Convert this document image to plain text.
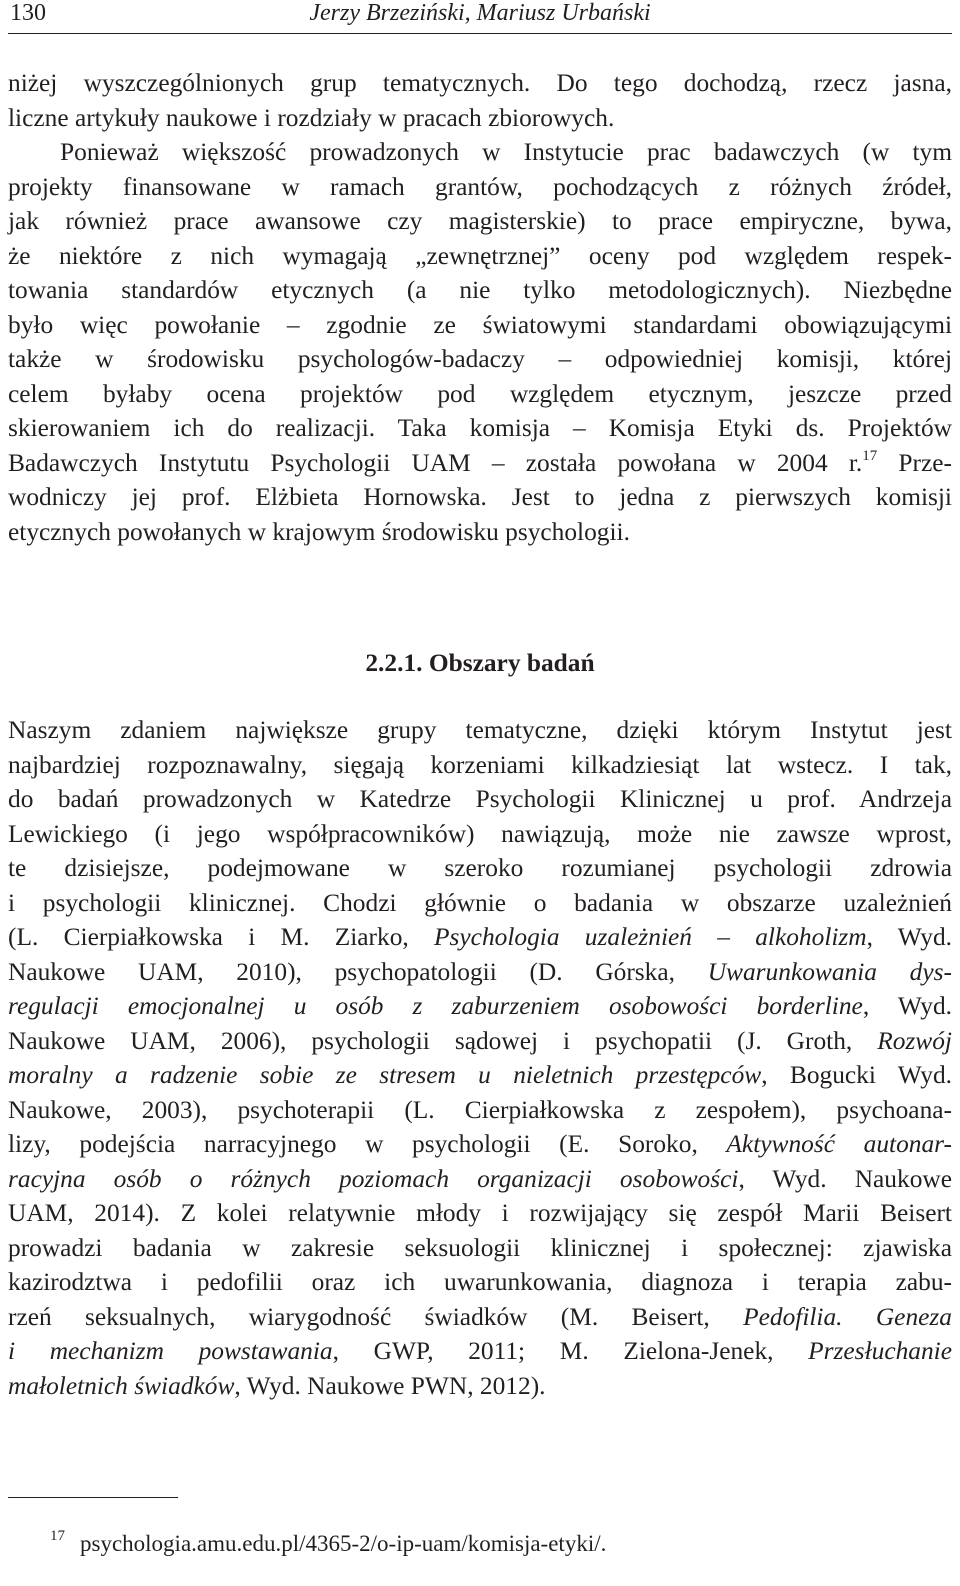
130	Jerzy Brzeziński, Mariusz Urbański

niżej wyszczególnionych grup tematycznych. Do tego dochodzą, rzecz jasna,
liczne artykuły naukowe i rozdziały w pracach zbiorowych.

Ponieważ większość prowadzonych w Instytucie prac badawczych (w tym
projekty finansowane w ramach grantów, pochodzących z różnych źródeł,
jak również prace awansowe czy magisterskie) to prace empiryczne, bywa,
że niektóre z nich wymagają „zewnętrznej” oceny pod względem respek-
towania standardów etycznych (a nie tylko metodologicznych). Niezbędne
było więc powołanie – zgodnie ze światowymi standardami obowiązującymi
także w środowisku psychologów-badaczy – odpowiedniej komisji, której
celem byłaby ocena projektów pod względem etycznym, jeszcze przed
skierowaniem ich do realizacji. Taka komisja – Komisja Etyki ds. Projektów
Badawczych Instytutu Psychologii UAM – została powołana w 2004 r.$^{17}$ Prze-
wodniczy jej prof. Elżbieta Hornowska. Jest to jedna z pierwszych komisji
etycznych powołanych w krajowym środowisku psychologii.

2.2.1. Obszary badań

Naszym zdaniem największe grupy tematyczne, dzięki którym Instytut jest
najbardziej rozpoznawalny, sięgają korzeniami kilkadziesiąt lat wstecz. I tak,
do badań prowadzonych w Katedrze Psychologii Klinicznej u prof. Andrzeja
Lewickiego (i jego współpracowników) nawiązują, może nie zawsze wprost,
te dzisiejsze, podejmowane w szeroko rozumianej psychologii zdrowia
i psychologii klinicznej. Chodzi głównie o badania w obszarze uzależnień
(L. Cierpiałkowska i M. Ziarko, Psychologia uzależnień – alkoholizm, Wyd.
Naukowe UAM, 2010), psychopatologii (D. Górska, Uwarunkowania dys-
regulacji emocjonalnej u osób z zaburzeniem osobowości borderline, Wyd.
Naukowe UAM, 2006), psychologii sądowej i psychopatii (J. Groth, Rozwój
moralny a radzenie sobie ze stresem u nieletnich przestępców, Bogucki Wyd.
Naukowe, 2003), psychoterapii (L. Cierpiałkowska z zespołem), psychoana-
lizy, podejścia narracyjnego w psychologii (E. Soroko, Aktywność autonar-
racyjna osób o różnych poziomach organizacji osobowości, Wyd. Naukowe
UAM, 2014). Z kolei relatywnie młody i rozwijający się zespół Marii Beisert
prowadzi badania w zakresie seksuologii klinicznej i społecznej: zjawiska
kazirodztwa i pedofilii oraz ich uwarunkowania, diagnoza i terapia zabu-
rzeń seksualnych, wiarygodność świadków (M. Beisert, Pedofilia. Geneza
i mechanizm powstawania, GWP, 2011; M. Zielona-Jenek, Przesłuchanie
małoletnich świadków, Wyd. Naukowe PWN, 2012).

17 psychologia.amu.edu.pl/4365-2/o-ip-uam/komisja-etyki/.
